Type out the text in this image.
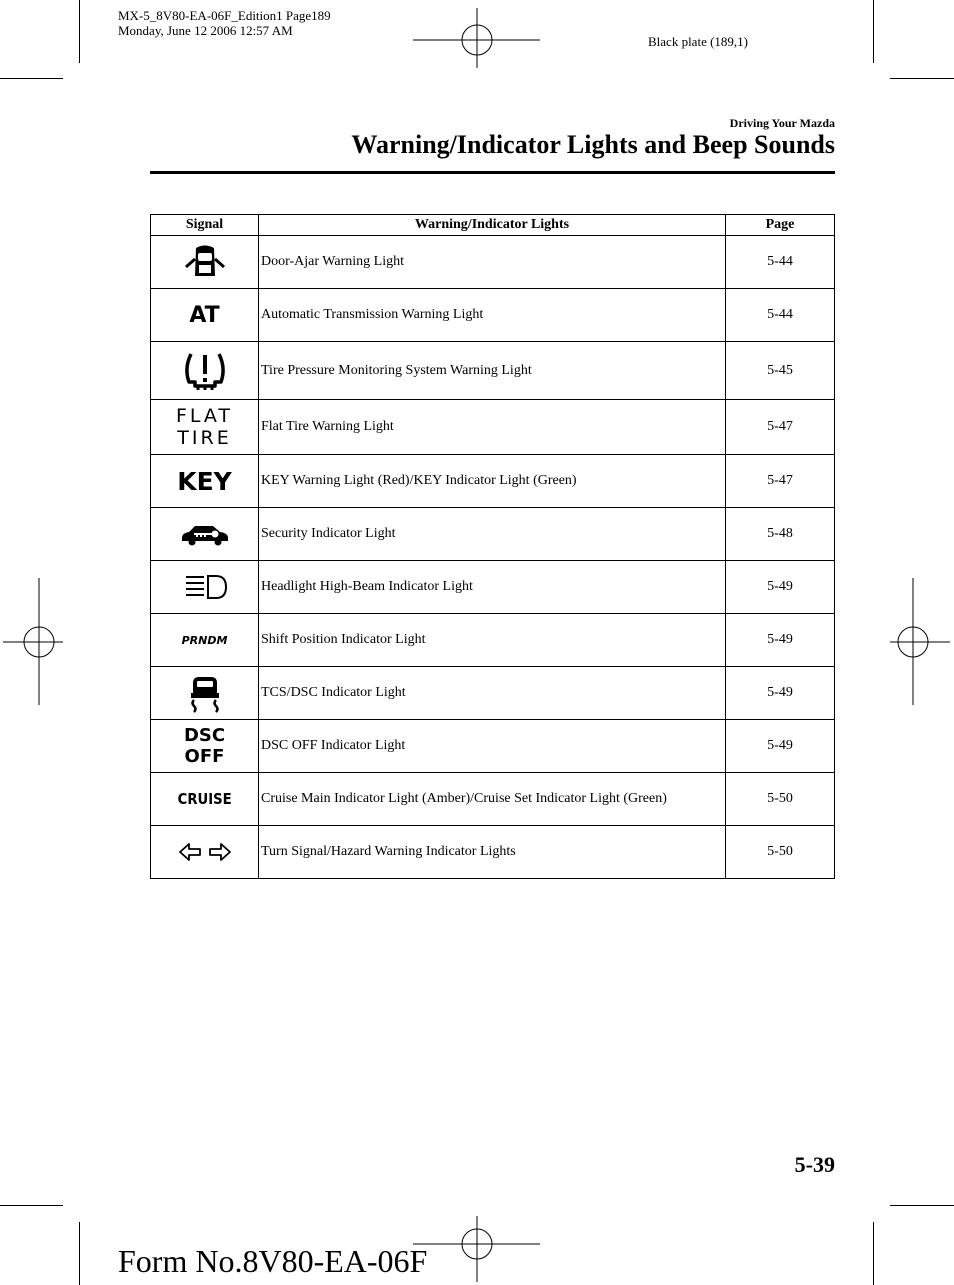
MX-5_8V80-EA-06F_Edition1 Page189
Monday, June 12 2006 12:57 AM
Black plate (189,1)
Driving Your Mazda
Warning/Indicator Lights and Beep Sounds
Signal	Warning/Indicator Lights	Page
	Door-Ajar Warning Light	5-44
AT	Automatic Transmission Warning Light	5-44
	Tire Pressure Monitoring System Warning Light	5-45

FLAT
TIRE	Flat Tire Warning Light	5-47
KEY	KEY Warning Light (Red)/KEY Indicator Light (Green)	5-47
	Security Indicator Light	5-48
	Headlight High-Beam Indicator Light	5-49
PRNDM	Shift Position Indicator Light	5-49
	TCS/DSC Indicator Light	5-49

DSC
OFF	DSC OFF Indicator Light	5-49
CRUISE	Cruise Main Indicator Light (Amber)/Cruise Set Indicator Light (Green)	5-50
	Turn Signal/Hazard Warning Indicator Lights	5-50
5-39
Form No.8V80-EA-06F
